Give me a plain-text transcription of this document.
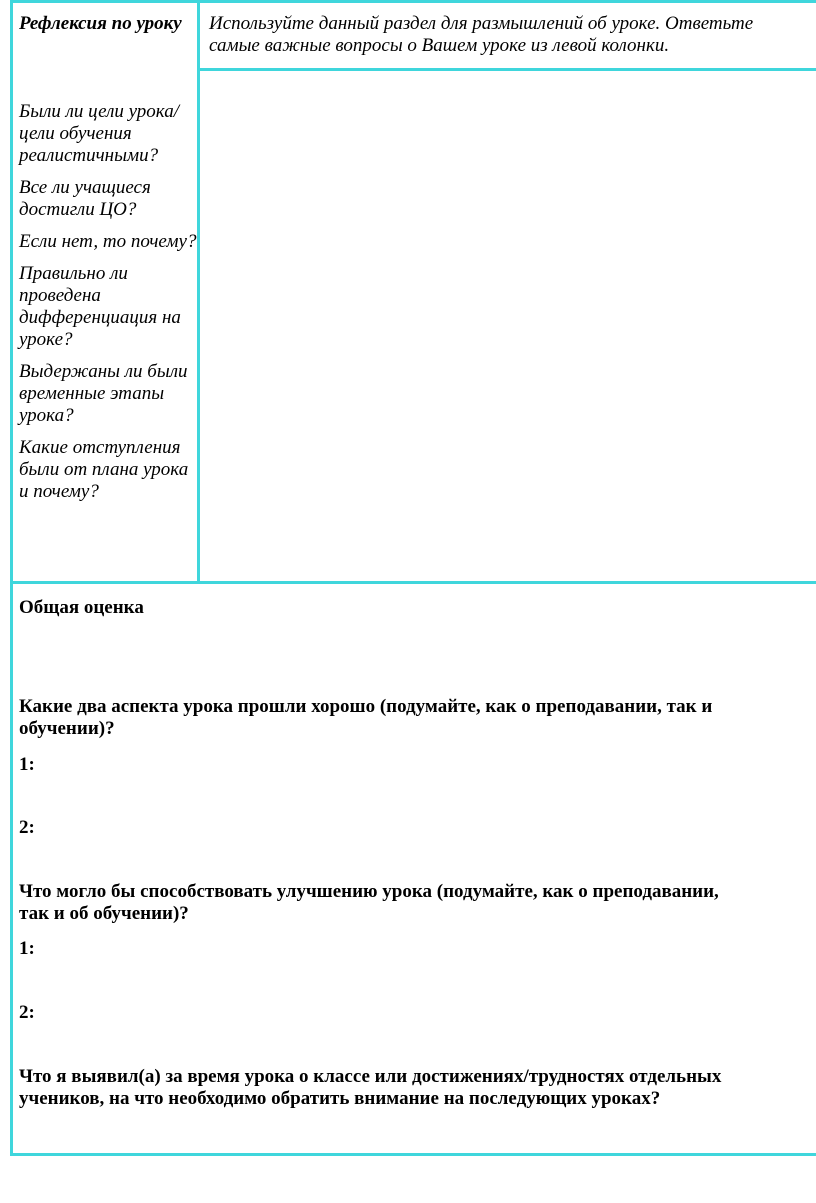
Рефлексия по уроку

Были ли цели урока/цели обучения реалистичными?

Все ли учащиеся достигли ЦО?

Если нет, то почему?

Правильно ли проведена дифференциация на уроке?

Выдержаны ли были временные этапы урока?

Какие отступления были от плана урока и почему?

Используйте данный раздел для размышлений об уроке. Ответьте
самые важные вопросы о Вашем уроке из левой колонки.
Общая оценка
Какие два аспекта урока прошли хорошо (подумайте, как о преподавании, так и
обучении)?
1:
2:
Что могло бы способствовать улучшению урока (подумайте, как о преподавании,
так и об обучении)?
1:
2:
Что я выявил(а) за время урока о классе или достижениях/трудностях отдельных
учеников, на что необходимо обратить внимание на последующих уроках?
